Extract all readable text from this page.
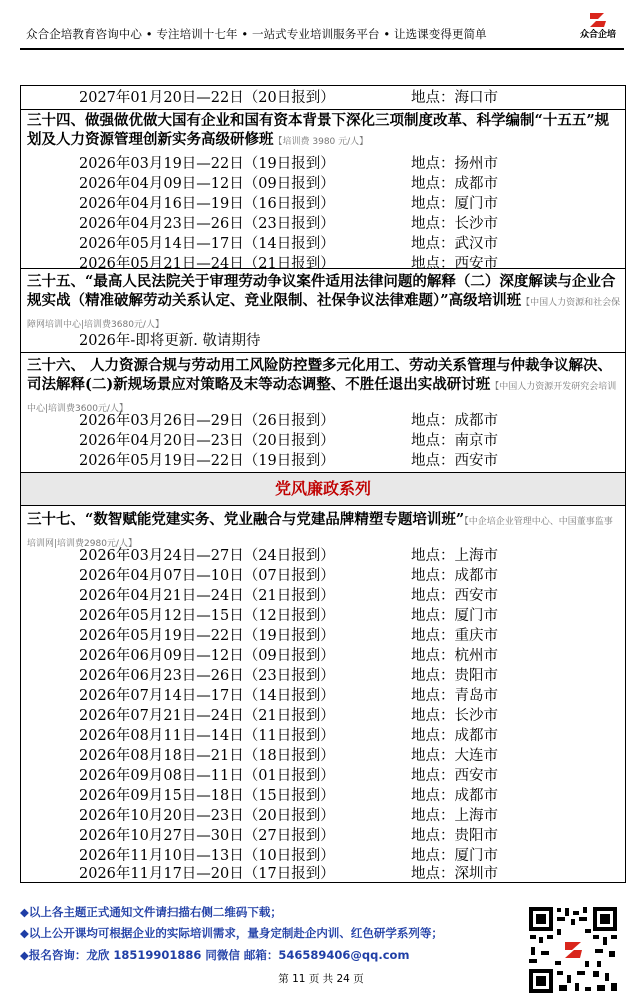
众合企培教育咨询中心 • 专注培训十七年 • 一站式专业培训服务平台 • 让选课变得更简单	众合企培
2027年01月20日—22日（20日报到）	地点：海口市
三十四、做强做优做大国有企业和国有资本背景下深化三项制度改革、科学编制“十五五”规划及人力资源管理创新实务高级研修班【培训费 3980 元/人】
2026年03月19日—22日（19日报到）	地点：扬州市
2026年04月09日—12日（09日报到）	地点：成都市
2026年04月16日—19日（16日报到）	地点：厦门市
2026年04月23日—26日（23日报到）	地点：长沙市
2026年05月14日—17日（14日报到）	地点：武汉市
2026年05月21日—24日（21日报到）	地点：西安市
三十五、“最高人民法院关于审理劳动争议案件适用法律问题的解释（二）深度解读与企业合规实战（精准破解劳动关系认定、竞业限制、社保争议法律难题）”高级培训班【中国人力资源和社会保障网培训中心|培训费3680元/人】
2026年-即将更新. 敬请期待
三十六、 人力资源合规与劳动用工风险防控暨多元化用工、劳动关系管理与仲裁争议解决、司法解释(二)新规场景应对策略及末等动态调整、不胜任退出实战研讨班【中国人力资源开发研究会培训中心|培训费3600元/人】
2026年03月26日—29日（26日报到）	地点：成都市
2026年04月20日—23日（20日报到）	地点：南京市
2026年05月19日—22日（19日报到）	地点：西安市
党风廉政系列
三十七、“数智赋能党建实务、党业融合与党建品牌精塑专题培训班”【中企培企业管理中心、中国董事监事培训网|培训费2980元/人】
2026年03月24日—27日（24日报到）	地点：上海市
2026年04月07日—10日（07日报到）	地点：成都市
2026年04月21日—24日（21日报到）	地点：西安市
2026年05月12日—15日（12日报到）	地点：厦门市
2026年05月19日—22日（19日报到）	地点：重庆市
2026年06月09日—12日（09日报到）	地点：杭州市
2026年06月23日—26日（23日报到）	地点：贵阳市
2026年07月14日—17日（14日报到）	地点：青岛市
2026年07月21日—24日（21日报到）	地点：长沙市
2026年08月11日—14日（11日报到）	地点：成都市
2026年08月18日—21日（18日报到）	地点：大连市
2026年09月08日—11日（01日报到）	地点：西安市
2026年09月15日—18日（15日报到）	地点：成都市
2026年10月20日—23日（20日报到）	地点：上海市
2026年10月27日—30日（27日报到）	地点：贵阳市
2026年11月10日—13日（10日报到）	地点：厦门市
2026年11月17日—20日（17日报到）	地点：深圳市
◆以上各主题正式通知文件请扫描右侧二维码下载；
◆以上公开课均可根据企业的实际培训需求，量身定制赴企内训、红色研学系列等；
◆报名咨询：龙欣 18519901886 同微信 邮箱：546589406@qq.com
第 11 页 共 24 页
